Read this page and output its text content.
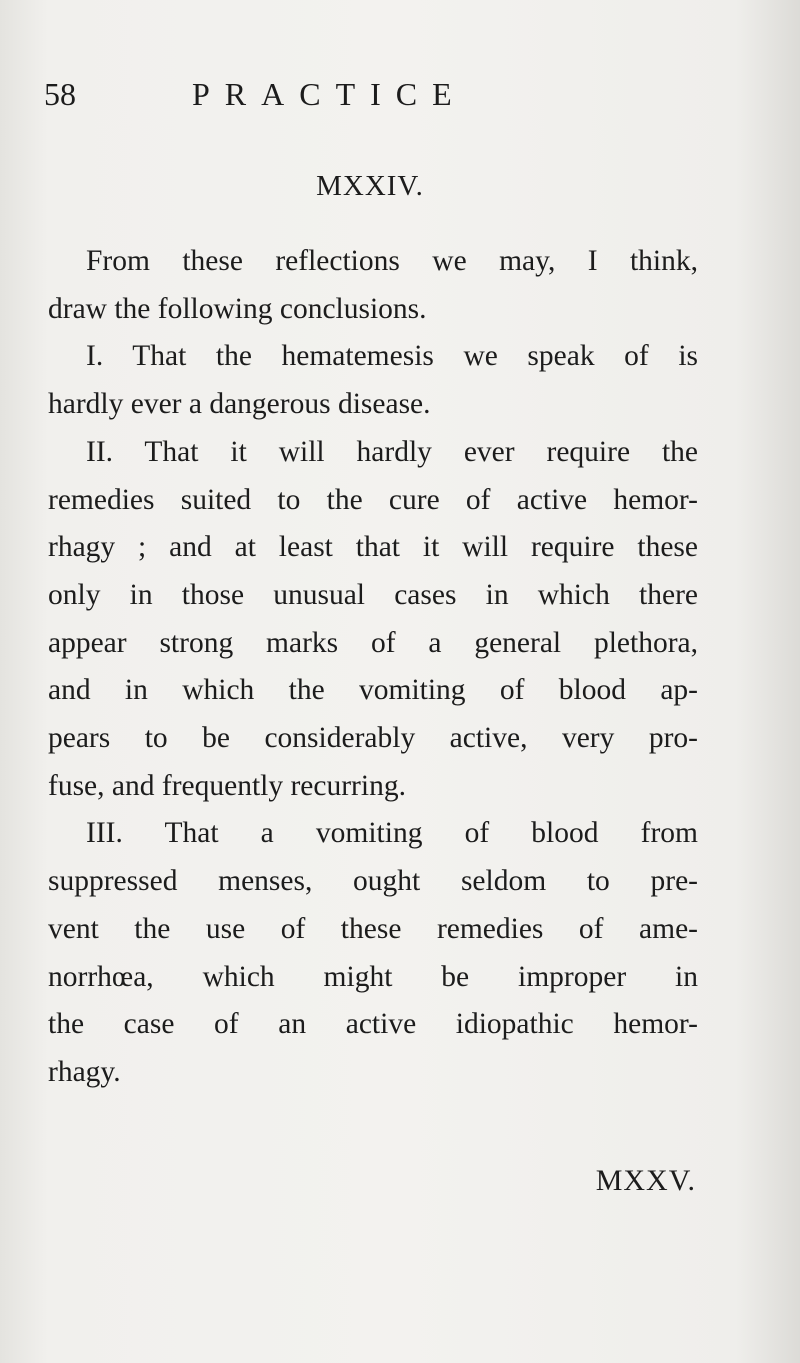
58	PRACTICE
MXXIV.
From these reflections we may, I think,
draw the following conclusions.
I. That the hematemesis we speak of is
hardly ever a dangerous disease.
II. That it will hardly ever require the
remedies suited to the cure of active hemor-
rhagy ; and at least that it will require these
only in those unusual cases in which there
appear strong marks of a general plethora,
and in which the vomiting of blood ap-
pears to be considerably active, very pro-
fuse, and frequently recurring.
III. That a vomiting of blood from
suppressed menses, ought seldom to pre-
vent the use of these remedies of ame-
norrhœa, which might be improper in
the case of an active idiopathic hemor-
rhagy.
MXXV.
